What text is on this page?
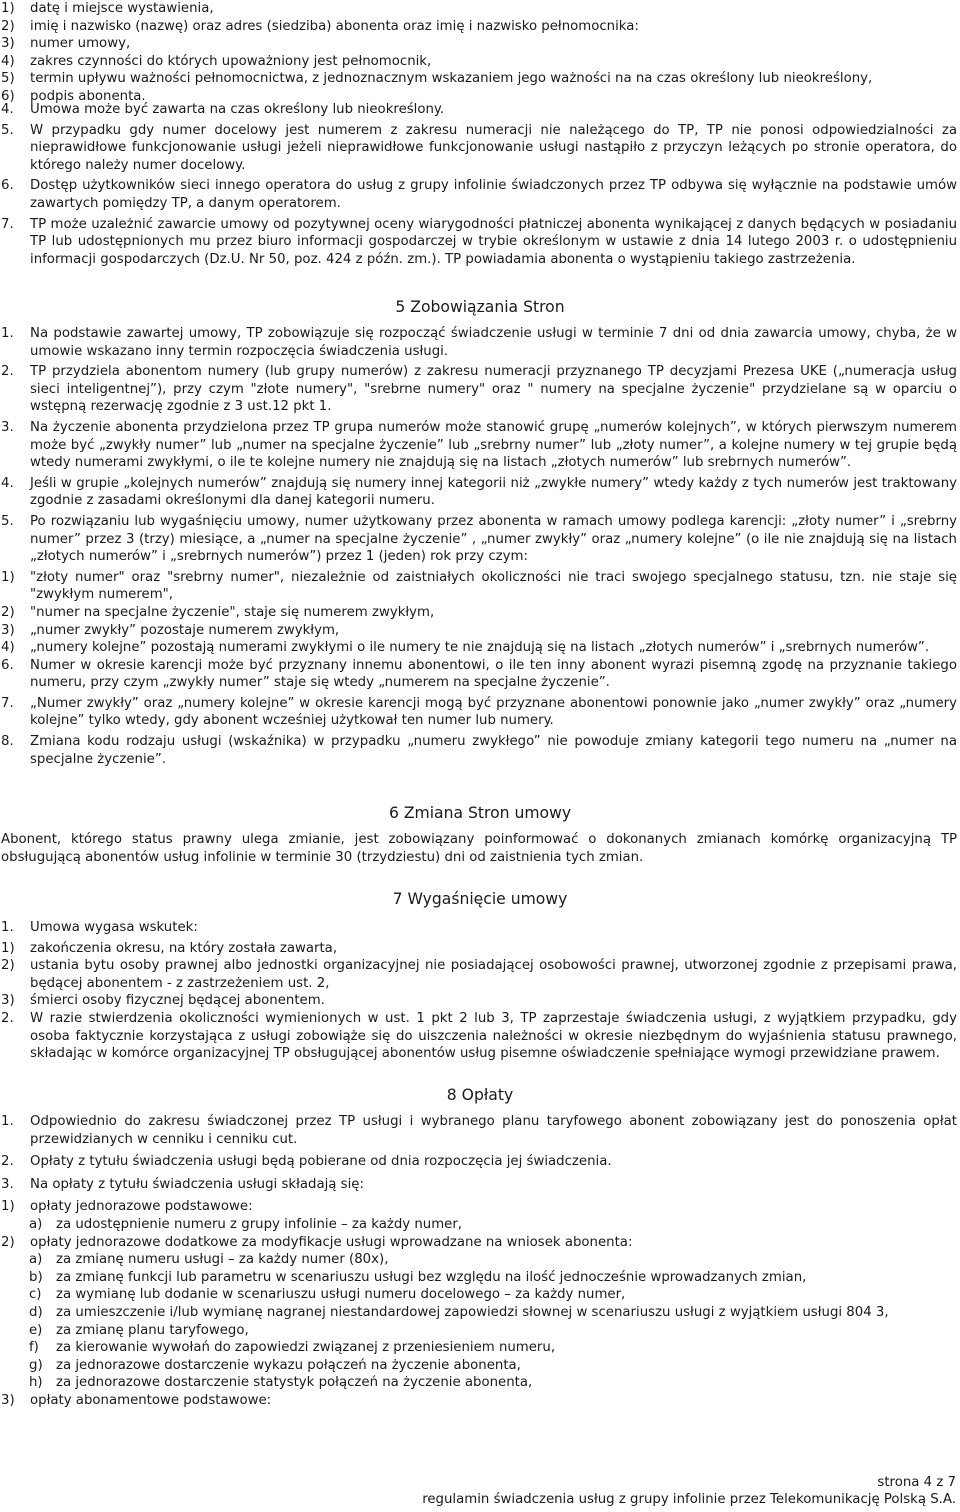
1)	datę i miejsce wystawienia,
2)	imię i nazwisko (nazwę) oraz adres (siedziba) abonenta oraz imię i nazwisko pełnomocnika:
3)	numer umowy,
4)	zakres czynności do których upoważniony jest pełnomocnik,
5)	termin upływu ważności pełnomocnictwa, z jednoznacznym wskazaniem jego ważności na na czas określony lub nieokreślony,
6)	podpis abonenta.
4.	Umowa może być zawarta na czas określony lub nieokreślony.
5.	W przypadku gdy numer docelowy jest numerem z zakresu numeracji nie należącego do TP, TP nie ponosi odpowiedzialności za nieprawidłowe funkcjonowanie usługi jeżeli nieprawidłowe funkcjonowanie usługi nastąpiło z przyczyn leżących po stronie operatora, do którego należy numer docelowy.
6.	Dostęp użytkowników sieci innego operatora do usług z grupy infolinie świadczonych przez TP odbywa się wyłącznie na podstawie umów zawartych pomiędzy TP, a danym operatorem.
7.	TP może uzależnić zawarcie umowy od pozytywnej oceny wiarygodności płatniczej abonenta wynikającej z danych będących w posiadaniu TP lub udostępnionych mu przez biuro informacji gospodarczej w trybie określonym w ustawie z dnia 14 lutego 2003 r. o udostępnieniu informacji gospodarczych (Dz.U. Nr 50, poz. 424 z późn. zm.). TP powiadamia abonenta o wystąpieniu takiego zastrzeżenia.
5 Zobowiązania Stron
1.	Na podstawie zawartej umowy, TP zobowiązuje się rozpocząć świadczenie usługi w terminie 7 dni od dnia zawarcia umowy, chyba, że w umowie wskazano inny termin rozpoczęcia świadczenia usługi.
2.	TP przydziela abonentom numery (lub grupy numerów) z zakresu numeracji przyznanego TP decyzjami Prezesa UKE („numeracja usług sieci inteligentnej”), przy czym "złote numery", "srebrne numery" oraz " numery na specjalne życzenie" przydzielane są w oparciu o wstępną rezerwację zgodnie z 3 ust.12 pkt 1.
3.	Na życzenie abonenta przydzielona przez TP grupa numerów może stanowić grupę „numerów kolejnych”, w których pierwszym numerem może być „zwykły numer” lub „numer na specjalne życzenie” lub „srebrny numer” lub „złoty numer”, a kolejne numery w tej grupie będą wtedy numerami zwykłymi, o ile te kolejne numery nie znajdują się na listach „złotych numerów” lub srebrnych numerów”.
4.	Jeśli w grupie „kolejnych numerów” znajdują się numery innej kategorii niż „zwykłe numery” wtedy każdy z tych numerów jest traktowany zgodnie z zasadami określonymi dla danej kategorii numeru.
5.	Po rozwiązaniu lub wygaśnięciu umowy, numer użytkowany przez abonenta w ramach umowy podlega karencji: „złoty numer” i „srebrny numer” przez 3 (trzy) miesiące, a „numer na specjalne życzenie” , „numer zwykły” oraz „numery kolejne” (o ile nie znajdują się na listach „złotych numerów” i „srebrnych numerów”) przez 1 (jeden) rok przy czym:
1)	"złoty numer" oraz "srebrny numer", niezależnie od zaistniałych okoliczności nie traci swojego specjalnego statusu, tzn. nie staje się "zwykłym numerem",
2)	"numer na specjalne życzenie", staje się numerem zwykłym,
3)	„numer zwykły” pozostaje numerem zwykłym,
4)	„numery kolejne” pozostają numerami zwykłymi o ile numery te nie znajdują się na listach „złotych numerów” i „srebrnych numerów”.
6.	Numer w okresie karencji może być przyznany innemu abonentowi, o ile ten inny abonent wyrazi pisemną zgodę na przyznanie takiego numeru, przy czym „zwykły numer” staje się wtedy „numerem na specjalne życzenie”.
7.	„Numer zwykły” oraz „numery kolejne” w okresie karencji mogą być przyznane abonentowi ponownie jako „numer zwykły” oraz „numery kolejne” tylko wtedy, gdy abonent wcześniej użytkował ten numer lub numery.
8.	Zmiana kodu rodzaju usługi (wskaźnika) w przypadku „numeru zwykłego” nie powoduje zmiany kategorii tego numeru na „numer na specjalne życzenie”.
6 Zmiana Stron umowy
Abonent, którego status prawny ulega zmianie, jest zobowiązany poinformować o dokonanych zmianach komórkę organizacyjną TP obsługującą abonentów usług infolinie w terminie 30 (trzydziestu) dni od zaistnienia tych zmian.
7 Wygaśnięcie umowy
1.	Umowa wygasa wskutek:
1)	zakończenia okresu, na który została zawarta,
2)	ustania bytu osoby prawnej albo jednostki organizacyjnej nie posiadającej osobowości prawnej, utworzonej zgodnie z przepisami prawa, będącej abonentem - z zastrzeżeniem ust. 2,
3)	śmierci osoby fizycznej będącej abonentem.
2.	W razie stwierdzenia okoliczności wymienionych w ust. 1 pkt 2 lub 3, TP zaprzestaje świadczenia usługi, z wyjątkiem przypadku, gdy osoba faktycznie korzystająca z usługi zobowiąże się do uiszczenia należności w okresie niezbędnym do wyjaśnienia statusu prawnego, składając w komórce organizacyjnej TP obsługującej abonentów usług pisemne oświadczenie spełniające wymogi przewidziane prawem.
8 Opłaty
1.	Odpowiednio do zakresu świadczonej przez TP usługi i wybranego planu taryfowego abonent zobowiązany jest do ponoszenia opłat przewidzianych w cenniku i cenniku cut.
2.	Opłaty z tytułu świadczenia usługi będą pobierane od dnia rozpoczęcia jej świadczenia.
3.	Na opłaty z tytułu świadczenia usługi składają się:
1)	opłaty jednorazowe podstawowe:
a)	za udostępnienie numeru z grupy infolinie – za każdy numer,
2)	opłaty jednorazowe dodatkowe za modyfikacje usługi wprowadzane na wniosek abonenta:
a)	za zmianę numeru usługi – za każdy numer (80x),
b)	za zmianę funkcji lub parametru w scenariuszu usługi bez względu na ilość jednocześnie wprowadzanych zmian,
c)	za wymianę lub dodanie w scenariuszu usługi numeru docelowego – za każdy numer,
d)	za umieszczenie i/lub wymianę nagranej niestandardowej zapowiedzi słownej w scenariuszu usługi z wyjątkiem usługi 804 3,
e)	za zmianę planu taryfowego,
f)	za kierowanie wywołań do zapowiedzi związanej z przeniesieniem numeru,
g)	za jednorazowe dostarczenie wykazu połączeń na życzenie abonenta,
h)	za jednorazowe dostarczenie statystyk połączeń na życzenie abonenta,
3)	opłaty abonamentowe podstawowe:
strona 4 z 7
regulamin świadczenia usług z grupy infolinie przez Telekomunikację Polską S.A.
